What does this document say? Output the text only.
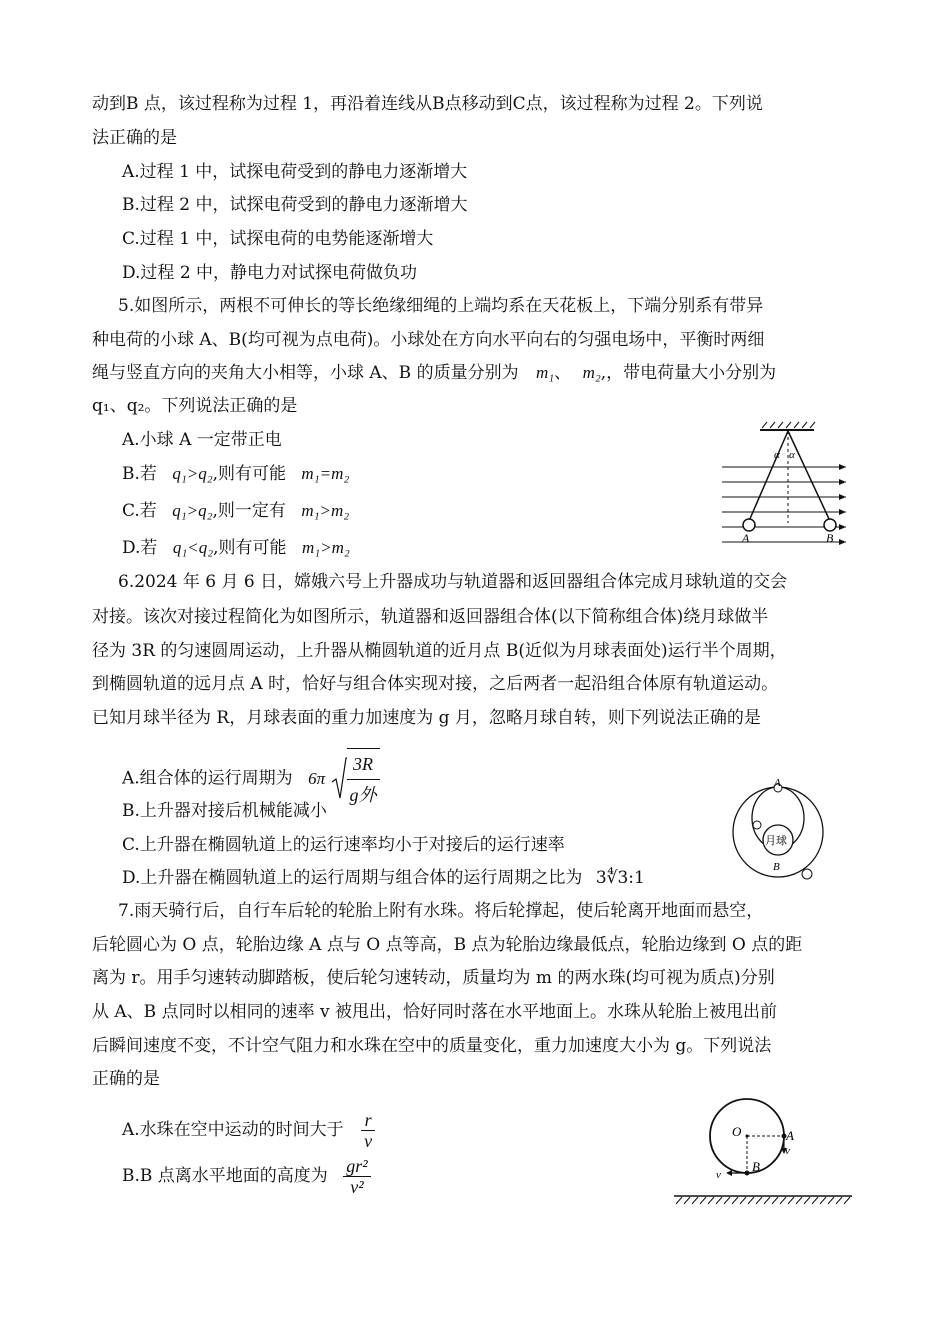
动到B 点，该过程称为过程 1，再沿着连线从B点移动到C点，该过程称为过程 2。下列说
法正确的是
A.过程 1 中，试探电荷受到的静电力逐渐增大
B.过程 2 中，试探电荷受到的静电力逐渐增大
C.过程 1 中，试探电荷的电势能逐渐增大
D.过程 2 中，静电力对试探电荷做负功
5.如图所示，两根不可伸长的等长绝缘细绳的上端均系在天花板上，下端分别系有带异
种电荷的小球 A、B(均可视为点电荷)。小球处在方向水平向右的匀强电场中，平衡时两细
绳与竖直方向的夹角大小相等，小球 A、B 的质量分别为 m₁、 m₂,，带电荷量大小分别为
q₁、q₂。下列说法正确的是
A.小球 A 一定带正电
B.若 q₁>q₂,则有可能 m₁=m₂
C.若 q₁>q₂,则一定有 m₁>m₂
D.若 q₁<q₂,则有可能 m₁>m₂
α α
A	B
6.2024 年 6 月 6 日，嫦娥六号上升器成功与轨道器和返回器组合体完成月球轨道的交会
对接。该次对接过程简化为如图所示，轨道器和返回器组合体(以下简称组合体)绕月球做半
径为 3R 的匀速圆周运动，上升器从椭圆轨道的近月点 B(近似为月球表面处)运行半个周期，
到椭圆轨道的远月点 A 时，恰好与组合体实现对接，之后两者一起沿组合体原有轨道运动。
已知月球半径为 R，月球表面的重力加速度为 g 月，忽略月球自转，则下列说法正确的是
A.组合体的运行周期为 $6\pi \frac{3R}{\text{g外}}$
B.上升器对接后机械能减小
C.上升器在椭圆轨道上的运行速率均小于对接后的运行速率
D.上升器在椭圆轨道上的运行周期与组合体的运行周期之比为 3∜3:1
A
B
月球
7.雨天骑行后，自行车后轮的轮胎上附有水珠。将后轮撑起，使后轮离开地面而悬空，
后轮圆心为 O 点，轮胎边缘 A 点与 O 点等高，B 点为轮胎边缘最低点，轮胎边缘到 O 点的距
离为 r。用手匀速转动脚踏板，使后轮匀速转动，质量均为 m 的两水珠(均可视为质点)分别
从 A、B 点同时以相同的速率 v 被甩出，恰好同时落在水平地面上。水珠从轮胎上被甩出前
后瞬间速度不变，不计空气阻力和水珠在空中的质量变化，重力加速度大小为 g。下列说法
正确的是
A.水珠在空中运动的时间大于 $\frac{r}{v}$
B.B 点离水平地面的高度为 $\frac{\text{gr²}}{\text{v²}}$
O	A
B
v
v
